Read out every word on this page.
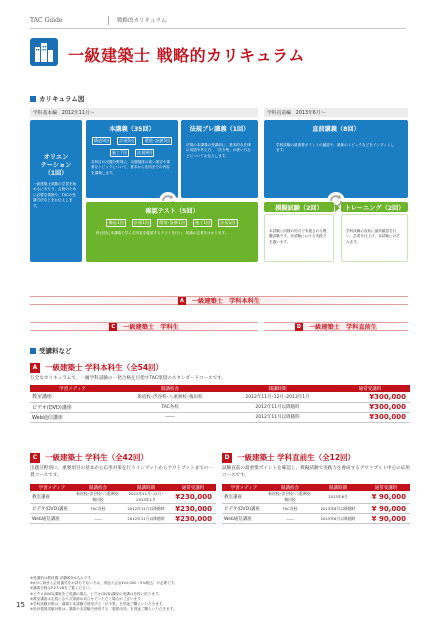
TAC Guide	戦略的カリキュラム
一級建築士 戦略的カリキュラム
カリキュラム図
学科基本編　2012年11月～	学科直前編　2013年6月～
オリエン
テーション
（1回）
一級建築士試験の学習を始めるにあたり、合格のために必要な情報や、TACの受講方法などをお伝えします。
本講義（35回）
構造9回 計画5回 環境･設備5回 施工7回 法規9回
各科目の出題分野別に、出題頻度の高い項目や重要なトピックについて、基本から応用までの内容を講義します。
法規ブレ講義（1回）
法規の本講義の受講前に、基本的な法律の用語や考え方、「法令集」の使い方などについてお伝えします。
確認テスト（5回）
構造1回 計画1回 環境･設備1回 施工1回 法規1回
科目別に本講義で学んだ内容を確認するテストを行い、知識の定着をはかります。
直前講義（8回）
学科試験の最重要ポイントの確認や、最新のトピックなどをインプットします。
模擬試験（2回）
本試験と同様の形式で実施される模擬試験です。本試験における実践力を養います。
トレーニング（2回）
学科試験の直前に最終確認を行い、学習を仕上げ、本試験にのぞみます。
A	一級建築士　学科本科生
C	一級建築士　学科生	D	一級建築士　学科直前生
受講料など
A	一級建築士 学科本科生（全54回）
万全なカリキュラムで、一級学科試験の一発合格を目指すTAC推奨のスタンダードコースです。
学習メディア	開講校舎	開講時期	通常受講料
教室講座	新宿校･渋谷校･八重洲校･梅田校	2012年11月･12月･2013年1月	¥300,000
ビデオ(DVD)講座	TAC各校	2012年11月以降随時	¥300,000
Web通信講座	――	2012年11月以降随時	¥300,000
C	一級建築士 学科生（全42回）
出題分野別に、重要項目の基本から応用対策を行うインプットからアウトプットまでの一貫コースです。
学習メディア	開講校舎	開講時期	通常受講料
教室講座	新宿校･渋谷校･八重洲校･梅田校	2012年11月･12月･2013年1月	¥230,000
ビデオ(DVD)講座	TAC各校	2012年11月以降随時	¥230,000
Web通信講座	――	2012年11月以降随時	¥230,000
D	一級建築士 学科直前生（全12回）
試験直前の最重要ポイントを確認し、模擬試験で実践力を養成するアウトプット中心の応用コースです。
学習メディア	開講校舎	開講時期	通常受講料
教室講座	新宿校･渋谷校･八重洲校･梅田校	2013年6月	¥ 90,000
ビデオ(DVD)講座	TAC各校	2013年6月以降随時	¥ 90,000
Web通信講座	――	2013年6月以降随時	¥ 90,000
※受講料は教材費･消費税5%込みです。
※0から始まる会員番号をお持ちでない方は、別途入会金¥10,000（5%税込）が必要です。
※講義日程はP.27-28をご覧ください。
※ビデオ(DVD)講座をご受講の場合、ビデオ(DVD)講座の受講は各校に依ります。
※教室講座は定員になり次第締め切らせていただく場合がございます。
※学科試験対策は、講義や本試験で使用する「法令集」を別途ご購入いただきます。
※設計製図試験対策は、講義や本試験で使用する「製図用具」を別途ご購入いただきます。
15
